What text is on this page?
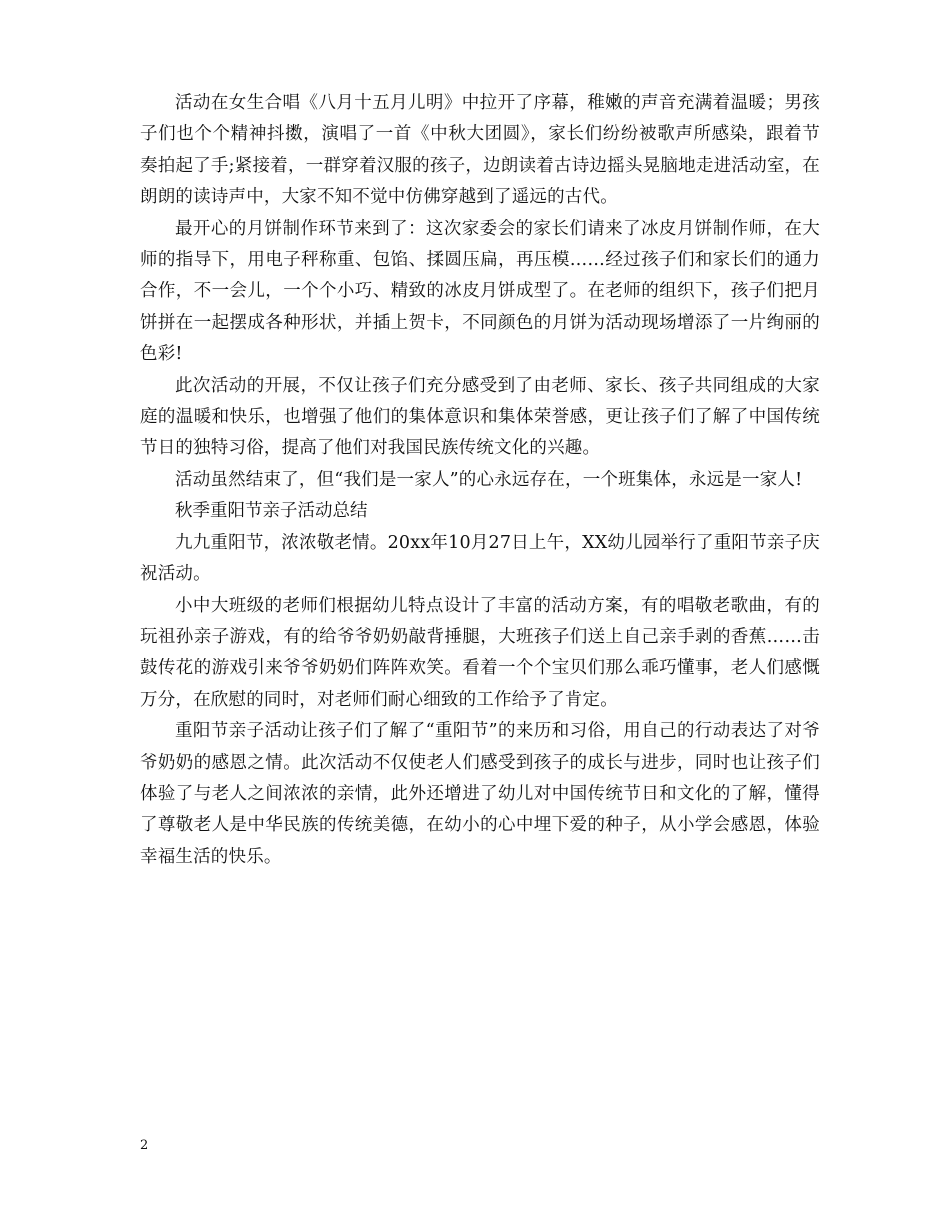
活动在女生合唱《八月十五月儿明》中拉开了序幕，稚嫩的声音充满着温暖；男孩子们也个个精神抖擞，演唱了一首《中秋大团圆》，家长们纷纷被歌声所感染，跟着节奏拍起了手;紧接着，一群穿着汉服的孩子，边朗读着古诗边摇头晃脑地走进活动室，在朗朗的读诗声中，大家不知不觉中仿佛穿越到了遥远的古代。

最开心的月饼制作环节来到了：这次家委会的家长们请来了冰皮月饼制作师，在大师的指导下，用电子秤称重、包馅、揉圆压扁，再压模……经过孩子们和家长们的通力合作，不一会儿，一个个小巧、精致的冰皮月饼成型了。在老师的组织下，孩子们把月饼拼在一起摆成各种形状，并插上贺卡，不同颜色的月饼为活动现场增添了一片绚丽的色彩!

此次活动的开展，不仅让孩子们充分感受到了由老师、家长、孩子共同组成的大家庭的温暖和快乐，也增强了他们的集体意识和集体荣誉感，更让孩子们了解了中国传统节日的独特习俗，提高了他们对我国民族传统文化的兴趣。

活动虽然结束了，但“我们是一家人”的心永远存在，一个班集体，永远是一家人!

秋季重阳节亲子活动总结

九九重阳节，浓浓敬老情。20xx年10月27日上午，XX幼儿园举行了重阳节亲子庆祝活动。

小中大班级的老师们根据幼儿特点设计了丰富的活动方案，有的唱敬老歌曲，有的玩祖孙亲子游戏，有的给爷爷奶奶敲背捶腿，大班孩子们送上自己亲手剥的香蕉……击鼓传花的游戏引来爷爷奶奶们阵阵欢笑。看着一个个宝贝们那么乖巧懂事，老人们感慨万分，在欣慰的同时，对老师们耐心细致的工作给予了肯定。

重阳节亲子活动让孩子们了解了“重阳节”的来历和习俗，用自己的行动表达了对爷爷奶奶的感恩之情。此次活动不仅使老人们感受到孩子的成长与进步，同时也让孩子们体验了与老人之间浓浓的亲情，此外还增进了幼儿对中国传统节日和文化的了解，懂得了尊敬老人是中华民族的传统美德，在幼小的心中埋下爱的种子，从小学会感恩，体验幸福生活的快乐。

2
